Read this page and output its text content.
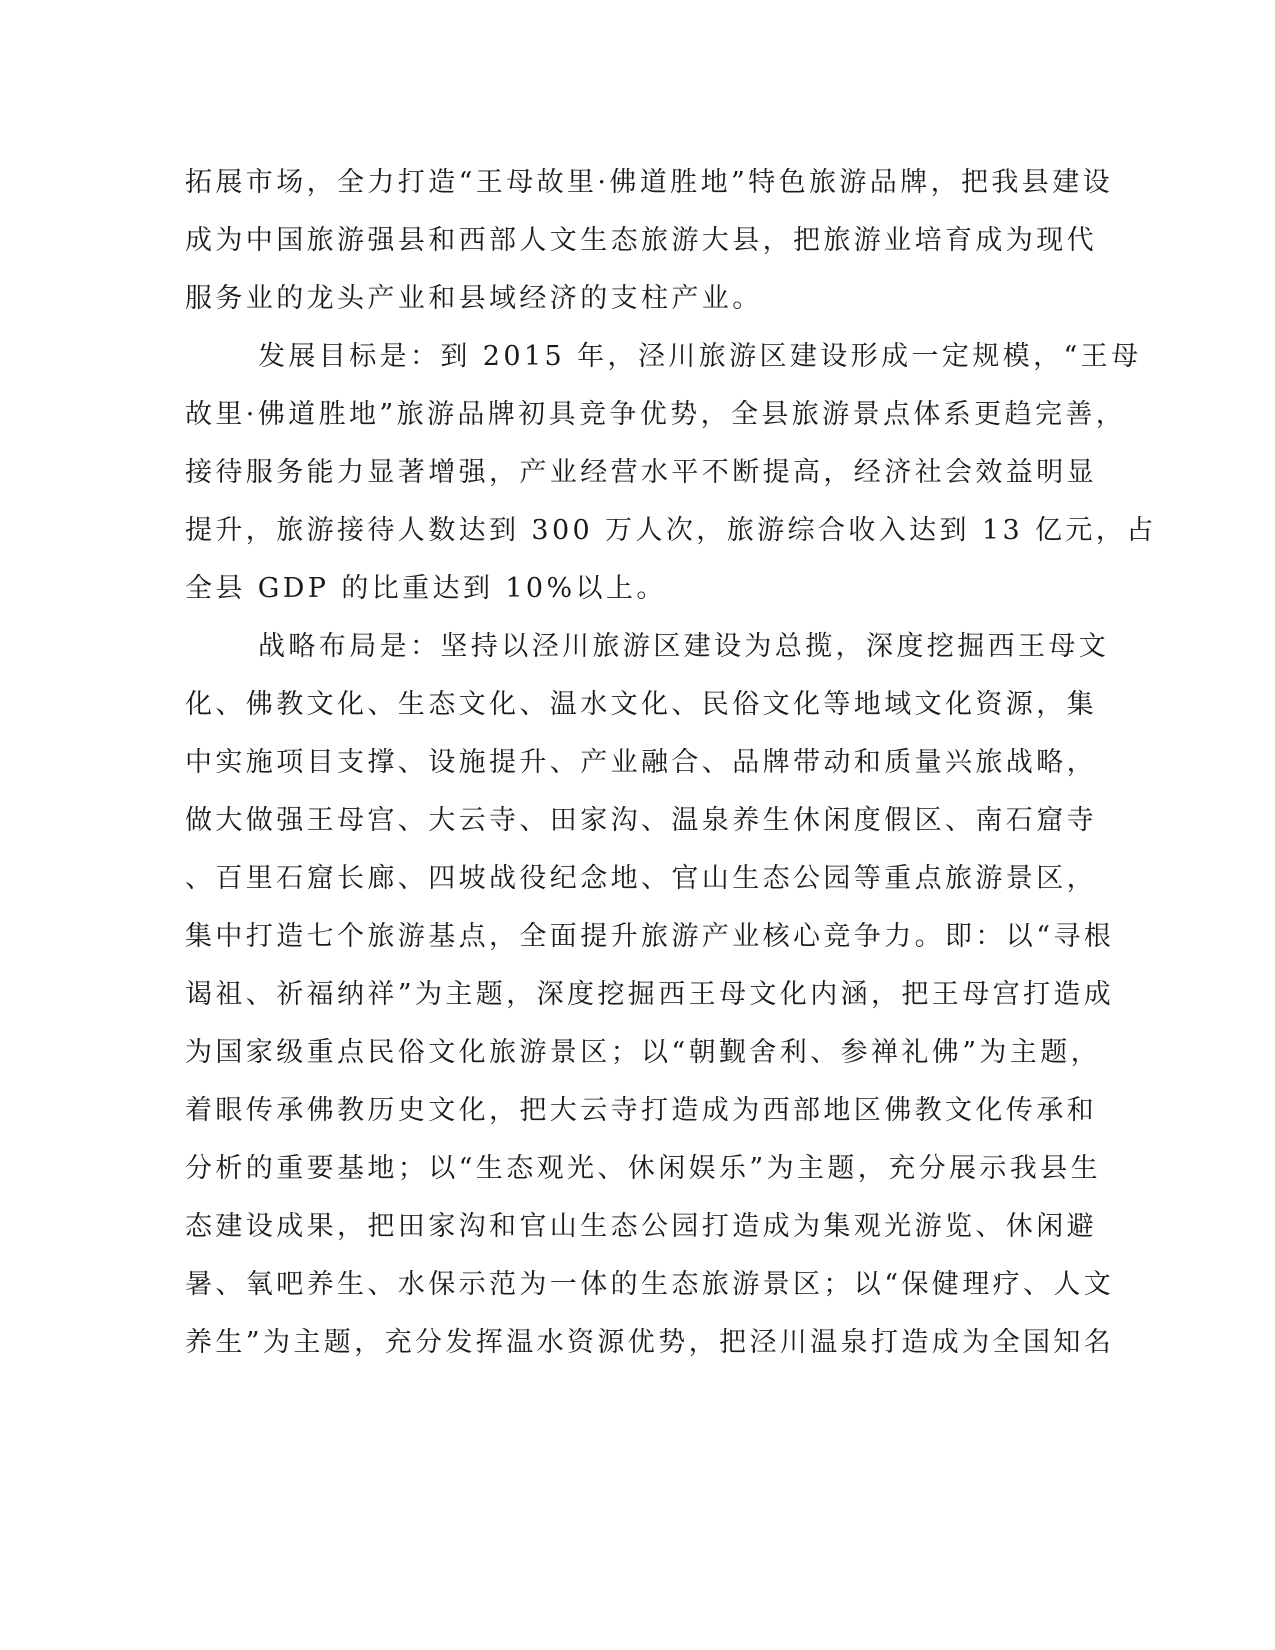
拓展市场，全力打造“王母故里·佛道胜地”特色旅游品牌，把我县建设
成为中国旅游强县和西部人文生态旅游大县，把旅游业培育成为现代
服务业的龙头产业和县域经济的支柱产业。
发展目标是：到 2015 年，泾川旅游区建设形成一定规模，“王母
故里·佛道胜地”旅游品牌初具竞争优势，全县旅游景点体系更趋完善，
接待服务能力显著增强，产业经营水平不断提高，经济社会效益明显
提升，旅游接待人数达到 300 万人次，旅游综合收入达到 13 亿元，占
全县 GDP 的比重达到 10%以上。
战略布局是：坚持以泾川旅游区建设为总揽，深度挖掘西王母文
化、佛教文化、生态文化、温水文化、民俗文化等地域文化资源，集
中实施项目支撑、设施提升、产业融合、品牌带动和质量兴旅战略，
做大做强王母宫、大云寺、田家沟、温泉养生休闲度假区、南石窟寺
、百里石窟长廊、四坡战役纪念地、官山生态公园等重点旅游景区，
集中打造七个旅游基点，全面提升旅游产业核心竞争力。即：以“寻根
谒祖、祈福纳祥”为主题，深度挖掘西王母文化内涵，把王母宫打造成
为国家级重点民俗文化旅游景区；以“朝觐舍利、参禅礼佛”为主题，
着眼传承佛教历史文化，把大云寺打造成为西部地区佛教文化传承和
分析的重要基地；以“生态观光、休闲娱乐”为主题，充分展示我县生
态建设成果，把田家沟和官山生态公园打造成为集观光游览、休闲避
暑、氧吧养生、水保示范为一体的生态旅游景区；以“保健理疗、人文
养生”为主题，充分发挥温水资源优势，把泾川温泉打造成为全国知名
